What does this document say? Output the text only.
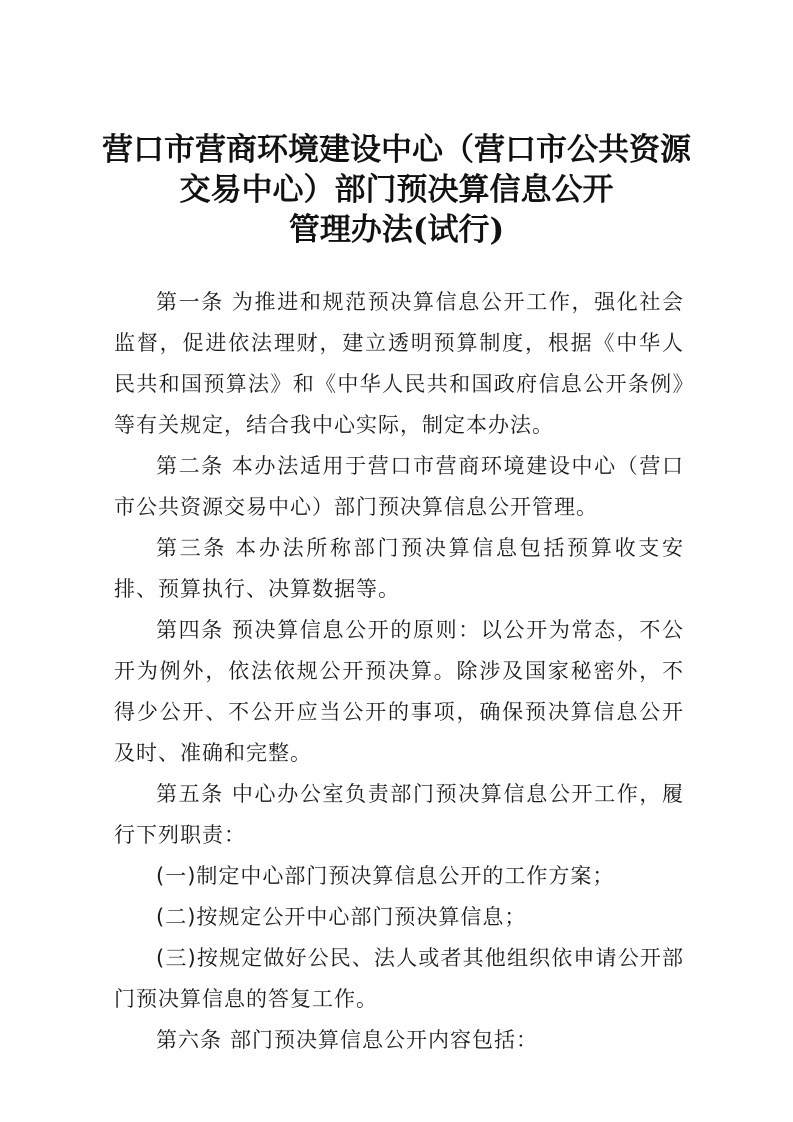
营口市营商环境建设中心（营口市公共资源
交易中心）部门预决算信息公开
管理办法(试行)

第一条 为推进和规范预决算信息公开工作，强化社会监督，促进依法理财，建立透明预算制度，根据《中华人民共和国预算法》和《中华人民共和国政府信息公开条例》等有关规定，结合我中心实际，制定本办法。

第二条 本办法适用于营口市营商环境建设中心（营口市公共资源交易中心）部门预决算信息公开管理。

第三条 本办法所称部门预决算信息包括预算收支安排、预算执行、决算数据等。

第四条 预决算信息公开的原则：以公开为常态，不公开为例外，依法依规公开预决算。除涉及国家秘密外，不得少公开、不公开应当公开的事项，确保预决算信息公开及时、准确和完整。

第五条 中心办公室负责部门预决算信息公开工作，履行下列职责：

(一)制定中心部门预决算信息公开的工作方案；

(二)按规定公开中心部门预决算信息；

(三)按规定做好公民、法人或者其他组织依申请公开部门预决算信息的答复工作。

第六条 部门预决算信息公开内容包括：
